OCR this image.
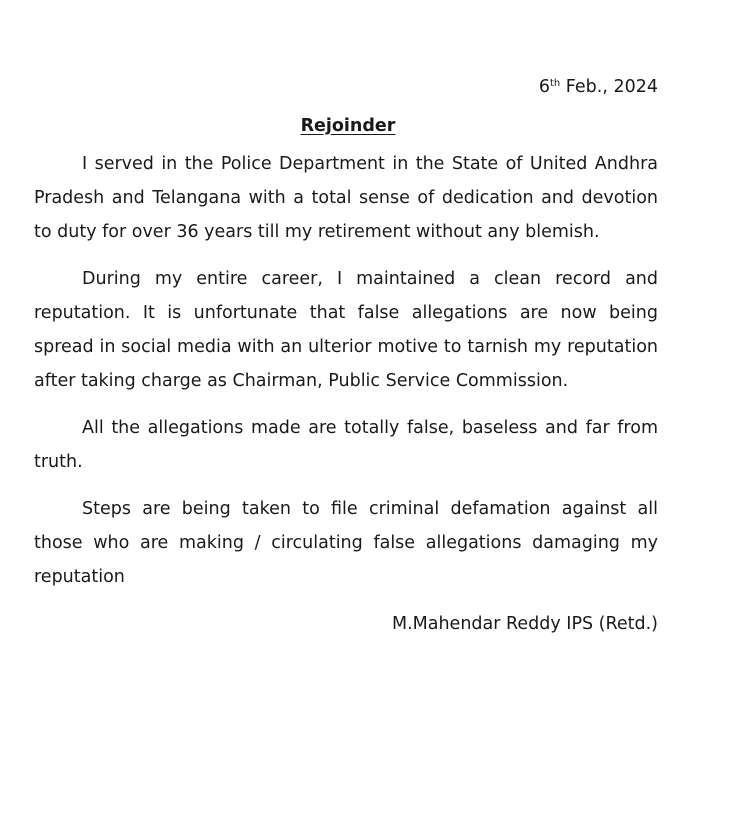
6th Feb., 2024

Rejoinder

I served in the Police Department in the State of United Andhra Pradesh and Telangana with a total sense of dedication and devotion to duty for over 36 years till my retirement without any blemish.

During my entire career, I maintained a clean record and reputation. It is unfortunate that false allegations are now being spread in social media with an ulterior motive to tarnish my reputation after taking charge as Chairman, Public Service Commission.

All the allegations made are totally false, baseless and far from truth.

Steps are being taken to file criminal defamation against all those who are making / circulating false allegations damaging my reputation

M.Mahendar Reddy IPS (Retd.)
